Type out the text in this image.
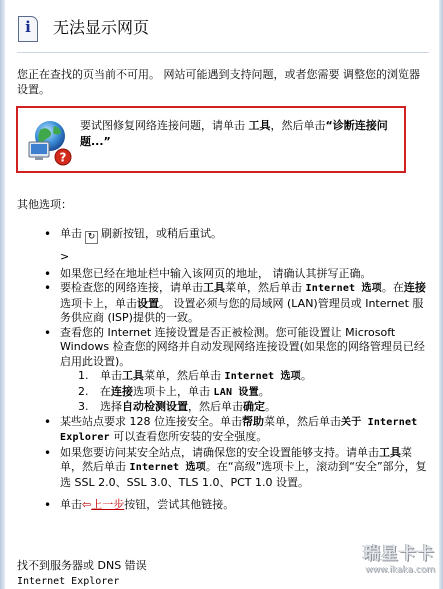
i	无法显示网页
您正在查找的页当前不可用。 网站可能遇到支持问题，或者您需要 调整您的浏览器设置。
?
要试图修复网络连接问题，请单击 工具，然后单击“诊断连接问题...”
其他选项：
• 单击 ↻ 刷新按钮，或稍后重试。
>
• 如果您已经在地址栏中输入该网页的地址， 请确认其拼写正确。
• 要检查您的网络连接，请单击工具菜单，然后单击 Internet 选项。在连接选项卡上，单击设置。 设置必须与您的局域网 (LAN)管理员或 Internet 服务供应商 (ISP)提供的一致。
• 查看您的 Internet 连接设置是否正被检测。您可能设置让 Microsoft Windows 检查您的网络并自动发现网络连接设置(如果您的网络管理员已经启用此设置)。
1. 单击工具菜单，然后单击 Internet 选项。
2. 在连接选项卡上，单击 LAN 设置。
3. 选择自动检测设置，然后单击确定。
• 某些站点要求 128 位连接安全。单击帮助菜单，然后单击关于 Internet Explorer 可以查看您所安装的安全强度。
• 如果您要访问某安全站点，请确保您的安全设置能够支持。请单击工具菜单，然后单击 Internet 选项。在“高级”选项卡上，滚动到“安全”部分，复选 SSL 2.0、SSL 3.0、TLS 1.0、PCT 1.0 设置。
• 单击⇦上一步按钮，尝试其他链接。
找不到服务器或 DNS 错误
Internet Explorer
瑞星卡卡
www.ikaka.com
